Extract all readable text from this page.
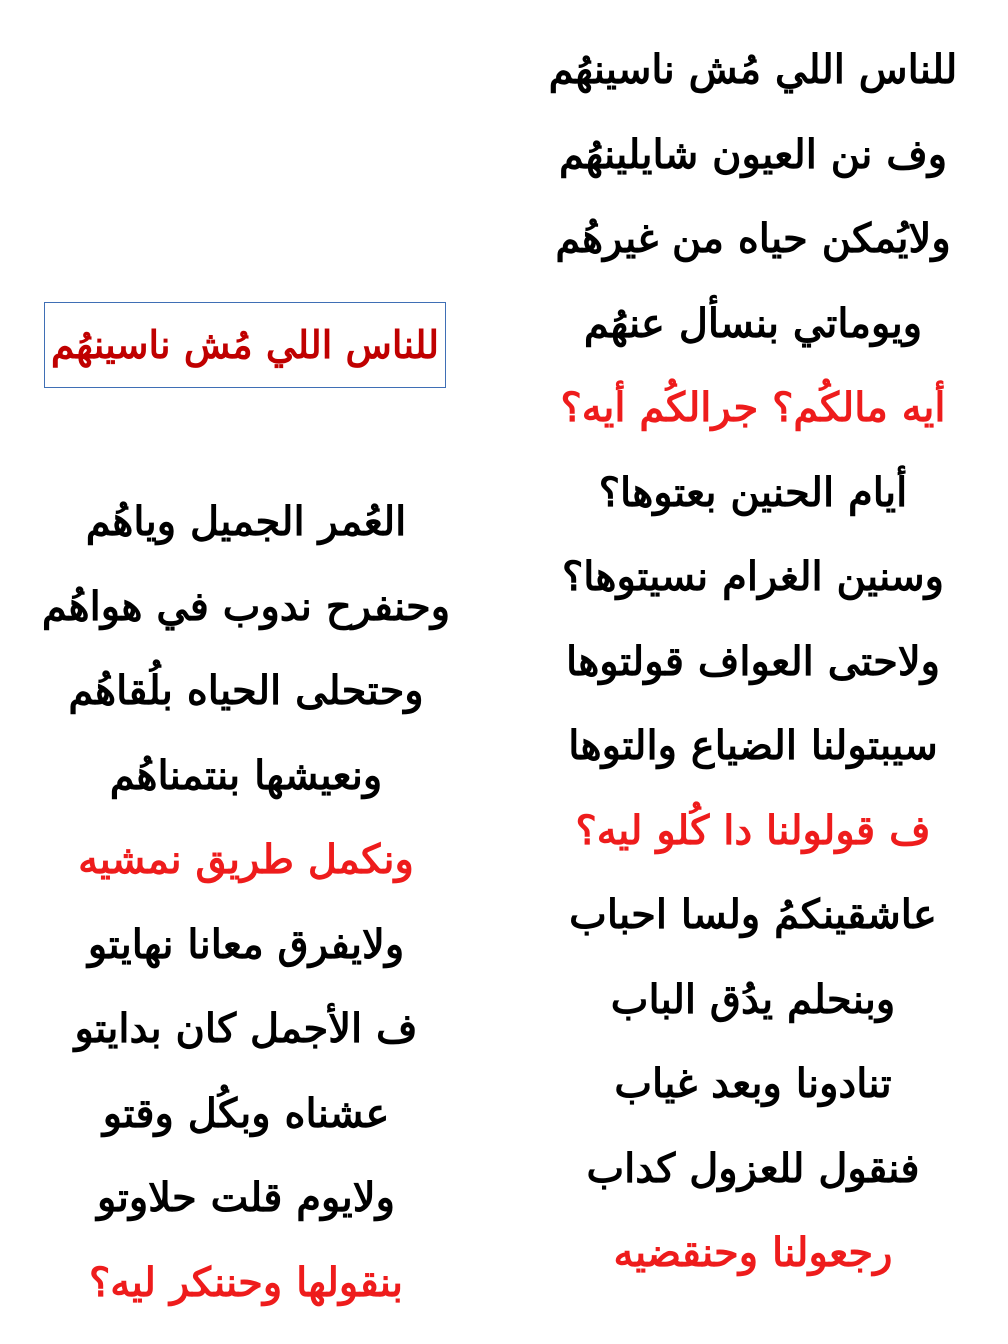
للناس اللي مُش ناسينهُم
للناس اللي مُش ناسينهُم
وف نن العيون شايلينهُم
ولايُمكن حياه من غيرهُم
ويوماتي بنسأل عنهُم
أيه مالكُم؟ جرالكُم أيه؟
أيام الحنين بعتوها؟
وسنين الغرام نسيتوها؟
ولاحتى العواف قولتوها
سيبتولنا الضياع والتوها
ف قولولنا دا كُلو ليه؟
عاشقينكمُ ولسا احباب
وبنحلم يدُق الباب
تنادونا وبعد غياب
فنقول للعزول كداب
رجعولنا وحنقضيه
العُمر الجميل وياهُم
وحنفرح ندوب في هواهُم
وحتحلى الحياه بلُقاهُم
ونعيشها بنتمناهُم
ونكمل طريق نمشيه
ولايفرق معانا نهايتو
ف الأجمل كان بدايتو
عشناه وبكُل وقتو
ولايوم قلت حلاوتو
بنقولها وحننكر ليه؟
